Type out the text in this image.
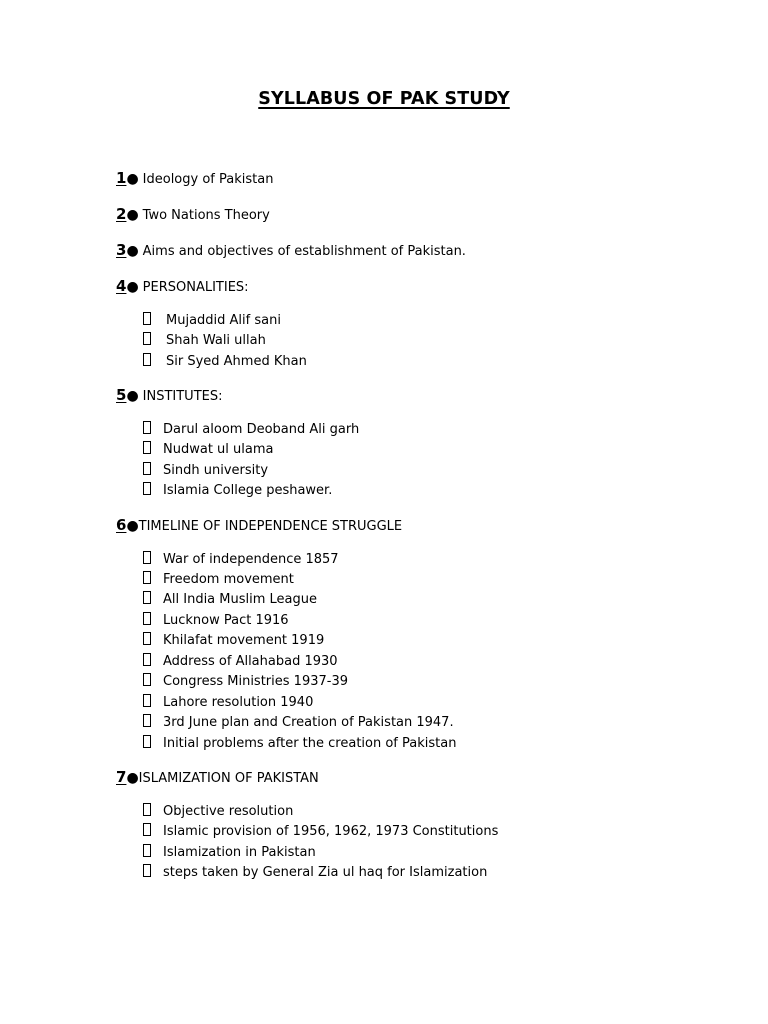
SYLLABUS OF PAK STUDY
1● Ideology of Pakistan
2● Two Nations Theory
3● Aims and objectives of establishment of Pakistan.
4● PERSONALITIES:
Mujaddid Alif sani
Shah Wali ullah
Sir Syed Ahmed Khan
5● INSTITUTES:
Darul aloom Deoband Ali garh
Nudwat ul ulama
Sindh university
Islamia College peshawer.
6●TIMELINE OF INDEPENDENCE STRUGGLE
War of independence 1857
Freedom movement
All India Muslim League
Lucknow Pact 1916
Khilafat movement 1919
Address of Allahabad 1930
Congress Ministries 1937-39
Lahore resolution 1940
3rd June plan and Creation of Pakistan 1947.
Initial problems after the creation of Pakistan
7●ISLAMIZATION OF PAKISTAN
Objective resolution
Islamic provision of 1956, 1962, 1973 Constitutions
Islamization in Pakistan
steps taken by General Zia ul haq for Islamization
